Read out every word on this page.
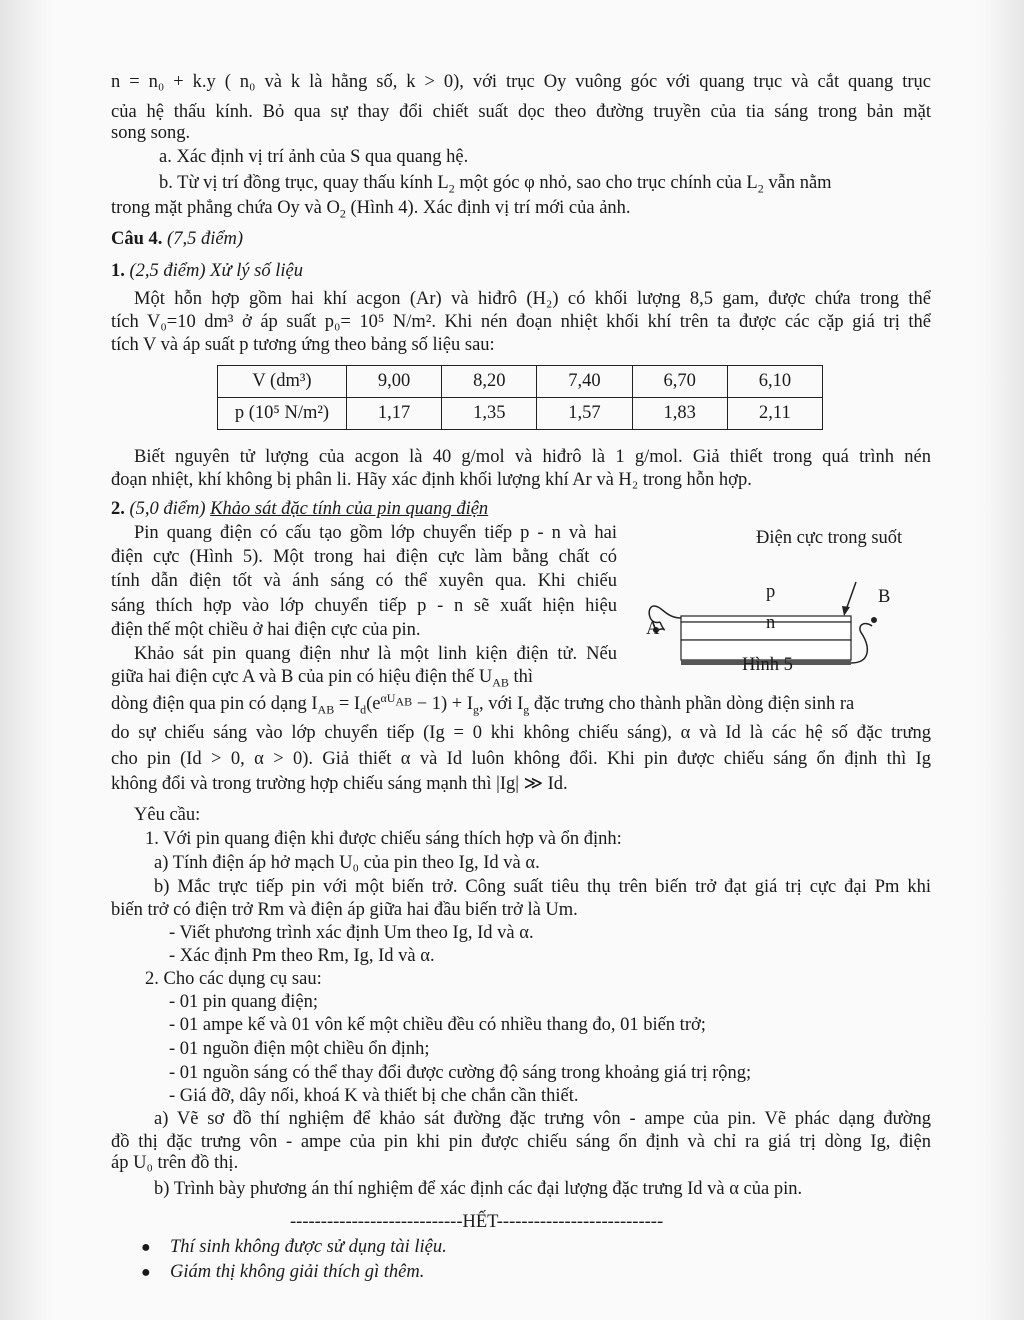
n = n₀ + k.y ( n₀ và k là hằng số, k > 0), với trục Oy vuông góc với quang trục và cắt quang trục
của hệ thấu kính. Bỏ qua sự thay đổi chiết suất dọc theo đường truyền của tia sáng trong bản mặt
song song.
a. Xác định vị trí ảnh của S qua quang hệ.
b. Từ vị trí đồng trục, quay thấu kính $L_2$ một góc φ nhỏ, sao cho trục chính của $L_2$ vẫn nằm
trong mặt phẳng chứa Oy và $O_2$ (Hình 4). Xác định vị trí mới của ảnh.
Câu 4. (7,5 điểm)
1. (2,5 điểm) Xử lý số liệu
Một hỗn hợp gồm hai khí acgon (Ar) và hiđrô (H₂) có khối lượng 8,5 gam, được chứa trong thể
tích V₀=10 dm³ ở áp suất p₀= 10⁵ N/m². Khi nén đoạn nhiệt khối khí trên ta được các cặp giá trị thể
tích V và áp suất p tương ứng theo bảng số liệu sau:
V (dm³)	9,00	8,20	7,40	6,70	6,10
p (10⁵ N/m²)	1,17	1,35	1,57	1,83	2,11
Biết nguyên tử lượng của acgon là 40 g/mol và hiđrô là 1 g/mol. Giả thiết trong quá trình nén
đoạn nhiệt, khí không bị phân li. Hãy xác định khối lượng khí Ar và H₂ trong hỗn hợp.
2. (5,0 điểm) Khảo sát đặc tính của pin quang điện
Pin quang điện có cấu tạo gồm lớp chuyển tiếp p - n và hai
điện cực (Hình 5). Một trong hai điện cực làm bằng chất có
tính dẫn điện tốt và ánh sáng có thể xuyên qua. Khi chiếu
sáng thích hợp vào lớp chuyển tiếp p - n sẽ xuất hiện hiệu
điện thế một chiều ở hai điện cực của pin.
Khảo sát pin quang điện như là một linh kiện điện tử. Nếu
giữa hai điện cực A và B của pin có hiệu điện thế $U_{AB}$ thì
Điện cực trong suốt
p
n
A
B
Hình 5
dòng điện qua pin có dạng $I_{AB} = I_d(e^{\alpha U_{AB}} - 1) + I_g$, với $I_g$ đặc trưng cho thành phần dòng điện sinh ra
do sự chiếu sáng vào lớp chuyển tiếp (Ig = 0 khi không chiếu sáng), α và Id là các hệ số đặc trưng
cho pin (Id > 0, α > 0). Giả thiết α và Id luôn không đổi. Khi pin được chiếu sáng ổn định thì Ig
không đổi và trong trường hợp chiếu sáng mạnh thì |Ig| ≫ Id.
Yêu cầu:
1. Với pin quang điện khi được chiếu sáng thích hợp và ổn định:
a) Tính điện áp hở mạch U₀ của pin theo Ig, Id và α.
b) Mắc trực tiếp pin với một biến trở. Công suất tiêu thụ trên biến trở đạt giá trị cực đại Pm khi
biến trở có điện trở Rm và điện áp giữa hai đầu biến trở là Um.
- Viết phương trình xác định Um theo Ig, Id và α.
- Xác định Pm theo Rm, Ig, Id và α.
2. Cho các dụng cụ sau:
- 01 pin quang điện;
- 01 ampe kế và 01 vôn kế một chiều đều có nhiều thang đo, 01 biến trở;
- 01 nguồn điện một chiều ổn định;
- 01 nguồn sáng có thể thay đổi được cường độ sáng trong khoảng giá trị rộng;
- Giá đỡ, dây nối, khoá K và thiết bị che chắn cần thiết.
a) Vẽ sơ đồ thí nghiệm để khảo sát đường đặc trưng vôn - ampe của pin. Vẽ phác dạng đường
đồ thị đặc trưng vôn - ampe của pin khi pin được chiếu sáng ổn định và chỉ ra giá trị dòng Ig, điện
áp U₀ trên đồ thị.
b) Trình bày phương án thí nghiệm để xác định các đại lượng đặc trưng Id và α của pin.
----------------------------HẾT---------------------------
● Thí sinh không được sử dụng tài liệu.
● Giám thị không giải thích gì thêm.
